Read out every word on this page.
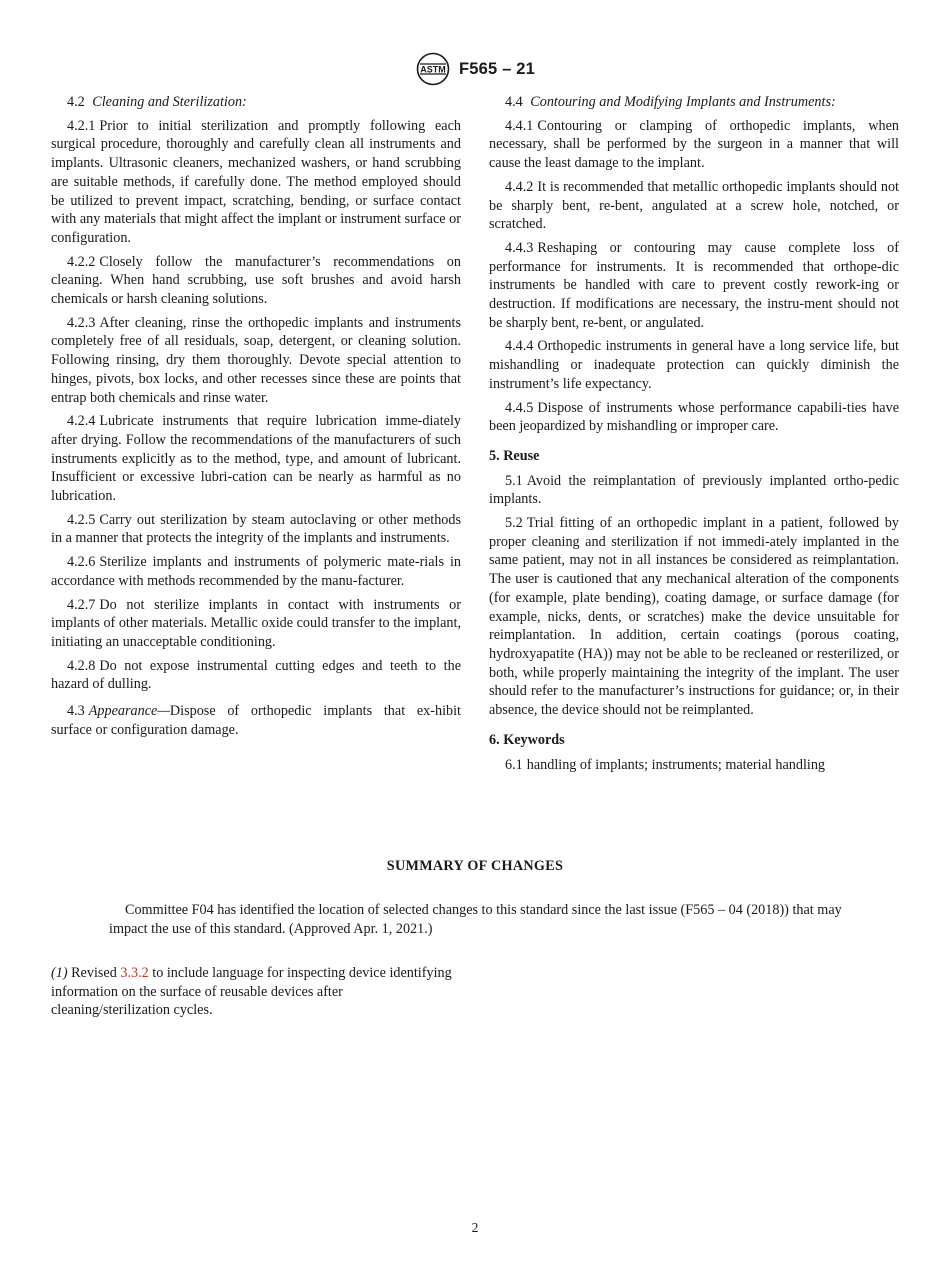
ASTM F565 – 21

4.2 Cleaning and Sterilization:

4.2.1 Prior to initial sterilization and promptly following each surgical procedure, thoroughly and carefully clean all instruments and implants. Ultrasonic cleaners, mechanized washers, or hand scrubbing are suitable methods, if carefully done. The method employed should be utilized to prevent impact, scratching, bending, or surface contact with any materials that might affect the implant or instrument surface or configuration.

4.2.2 Closely follow the manufacturer’s recommendations on cleaning. When hand scrubbing, use soft brushes and avoid harsh chemicals or harsh cleaning solutions.

4.2.3 After cleaning, rinse the orthopedic implants and instruments completely free of all residuals, soap, detergent, or cleaning solution. Following rinsing, dry them thoroughly. Devote special attention to hinges, pivots, box locks, and other recesses since these are points that entrap both chemicals and rinse water.

4.2.4 Lubricate instruments that require lubrication imme-diately after drying. Follow the recommendations of the manufacturers of such instruments explicitly as to the method, type, and amount of lubricant. Insufficient or excessive lubri-cation can be nearly as harmful as no lubrication.

4.2.5 Carry out sterilization by steam autoclaving or other methods in a manner that protects the integrity of the implants and instruments.

4.2.6 Sterilize implants and instruments of polymeric mate-rials in accordance with methods recommended by the manu-facturer.

4.2.7 Do not sterilize implants in contact with instruments or implants of other materials. Metallic oxide could transfer to the implant, initiating an unacceptable conditioning.

4.2.8 Do not expose instrumental cutting edges and teeth to the hazard of dulling.

4.3 Appearance—Dispose of orthopedic implants that ex-hibit surface or configuration damage.

4.4 Contouring and Modifying Implants and Instruments:

4.4.1 Contouring or clamping of orthopedic implants, when necessary, shall be performed by the surgeon in a manner that will cause the least damage to the implant.

4.4.2 It is recommended that metallic orthopedic implants should not be sharply bent, re-bent, angulated at a screw hole, notched, or scratched.

4.4.3 Reshaping or contouring may cause complete loss of performance for instruments. It is recommended that orthope-dic instruments be handled with care to prevent costly rework-ing or destruction. If modifications are necessary, the instru-ment should not be sharply bent, re-bent, or angulated.

4.4.4 Orthopedic instruments in general have a long service life, but mishandling or inadequate protection can quickly diminish the instrument’s life expectancy.

4.4.5 Dispose of instruments whose performance capabili-ties have been jeopardized by mishandling or improper care.

5. Reuse

5.1 Avoid the reimplantation of previously implanted ortho-pedic implants.

5.2 Trial fitting of an orthopedic implant in a patient, followed by proper cleaning and sterilization if not immedi-ately implanted in the same patient, may not in all instances be considered as reimplantation. The user is cautioned that any mechanical alteration of the components (for example, plate bending), coating damage, or surface damage (for example, nicks, dents, or scratches) make the device unsuitable for reimplantation. In addition, certain coatings (porous coating, hydroxyapatite (HA)) may not be able to be recleaned or resterilized, or both, while properly maintaining the integrity of the implant. The user should refer to the manufacturer’s instructions for guidance; or, in their absence, the device should not be reimplanted.

6. Keywords

6.1 handling of implants; instruments; material handling

SUMMARY OF CHANGES

Committee F04 has identified the location of selected changes to this standard since the last issue (F565 – 04 (2018)) that may impact the use of this standard. (Approved Apr. 1, 2021.)

(1) Revised 3.3.2 to include language for inspecting device identifying information on the surface of reusable devices after cleaning/sterilization cycles.

2
